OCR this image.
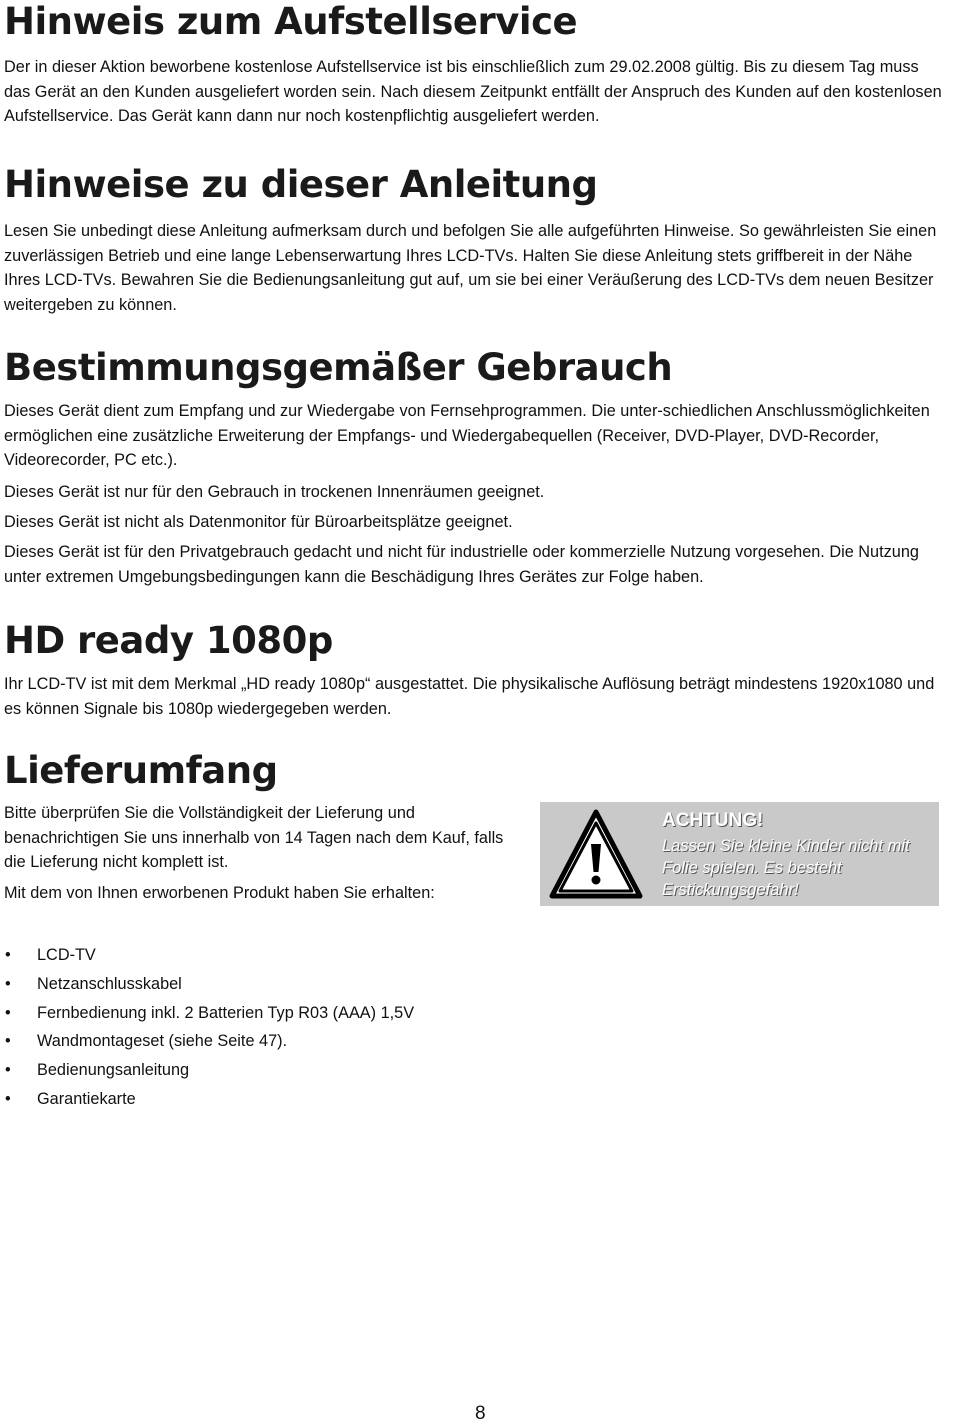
Hinweis zum Aufstellservice

Der in dieser Aktion beworbene kostenlose Aufstellservice ist bis einschließlich zum 29.02.2008 gültig. Bis zu diesem Tag muss das Gerät an den Kunden ausgeliefert worden sein. Nach diesem Zeitpunkt entfällt der Anspruch des Kunden auf den kostenlosen Aufstellservice. Das Gerät kann dann nur noch kostenpflichtig ausgeliefert werden.

Hinweise zu dieser Anleitung

Lesen Sie unbedingt diese Anleitung aufmerksam durch und befolgen Sie alle aufgeführten Hinweise. So gewährleisten Sie einen zuverlässigen Betrieb und eine lange Lebenserwartung Ihres LCD-TVs. Halten Sie diese Anleitung stets griffbereit in der Nähe Ihres LCD-TVs. Bewahren Sie die Bedienungsanleitung gut auf, um sie bei einer Veräußerung des LCD-TVs dem neuen Besitzer weitergeben zu können.

Bestimmungsgemäßer Gebrauch

Dieses Gerät dient zum Empfang und zur Wiedergabe von Fernsehprogrammen. Die unter-schiedlichen Anschlussmöglichkeiten ermöglichen eine zusätzliche Erweiterung der Empfangs- und Wiedergabequellen (Receiver, DVD-Player, DVD-Recorder, Videorecorder, PC etc.).

Dieses Gerät ist nur für den Gebrauch in trockenen Innenräumen geeignet.

Dieses Gerät ist nicht als Datenmonitor für Büroarbeitsplätze geeignet.

Dieses Gerät ist für den Privatgebrauch gedacht und nicht für industrielle oder kommerzielle Nutzung vorgesehen. Die Nutzung unter extremen Umgebungsbedingungen kann die Beschädigung Ihres Gerätes zur Folge haben.

HD ready 1080p

Ihr LCD-TV ist mit dem Merkmal „HD ready 1080p“ ausgestattet. Die physikalische Auflösung beträgt mindestens 1920x1080 und es können Signale bis 1080p wiedergegeben werden.

Lieferumfang

Bitte überprüfen Sie die Vollständigkeit der Lieferung und benachrichtigen Sie uns innerhalb von 14 Tagen nach dem Kauf, falls die Lieferung nicht komplett ist.

Mit dem von Ihnen erworbenen Produkt haben Sie erhalten:

ACHTUNG!
Lassen Sie kleine Kinder nicht mit Folie spielen. Es besteht Erstickungsgefahr!
• LCD-TV
• Netzanschlusskabel
• Fernbedienung inkl. 2 Batterien Typ R03 (AAA) 1,5V
• Wandmontageset (siehe Seite 47).
• Bedienungsanleitung
• Garantiekarte
8
